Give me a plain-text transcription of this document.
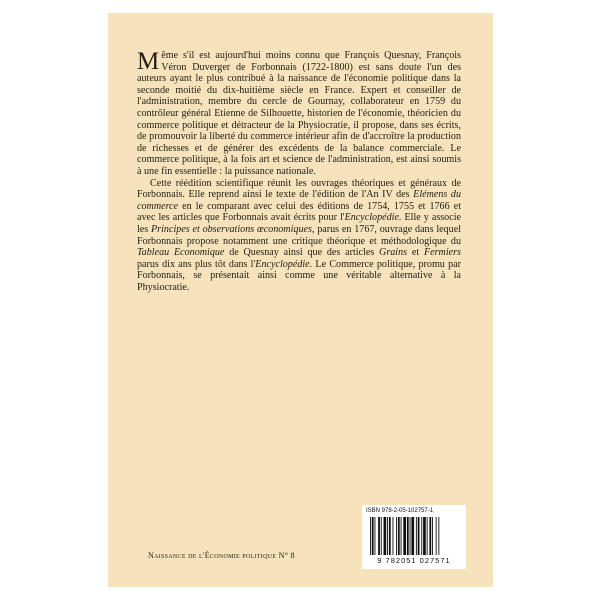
Même s'il est aujourd'hui moins connu que François Quesnay, François Véron Duverger de Forbonnais (1722-1800) est sans doute l'un des auteurs ayant le plus contribué à la naissance de l'économie politique dans la seconde moitié du dix-huitième siècle en France. Expert et conseiller de l'administration, membre du cercle de Gournay, collaborateur en 1759 du contrôleur général Etienne de Silhouette, historien de l'économie, théoricien du commerce politique et détracteur de la Physiocratie, il propose, dans ses écrits, de promouvoir la liberté du commerce intérieur afin de d'accroître la production de richesses et de générer des excédents de la balance commerciale. Le commerce politique, à la fois art et science de l'administration, est ainsi soumis à une fin essentielle : la puissance nationale.

Cette réédition scientifique réunit les ouvrages théoriques et généraux de Forbonnais. Elle reprend ainsi le texte de l'édition de l'An IV des Elémens du commerce en le comparant avec celui des éditions de 1754, 1755 et 1766 et avec les articles que Forbonnais avait écrits pour l'Encyclopédie. Elle y associe les Principes et observations œconomiques, parus en 1767, ouvrage dans lequel Forbonnais propose notamment une critique théorique et méthodologique du Tableau Economique de Quesnay ainsi que des articles Grains et Fermiers parus dix ans plus tôt dans l'Encyclopédie. Le Commerce politique, promu par Forbonnais, se présentait ainsi comme une véritable alternative à la Physiocratie.

Naissance de l'Économie politique N° 8
ISBN 978-2-05-102757-1
9 782051 027571
